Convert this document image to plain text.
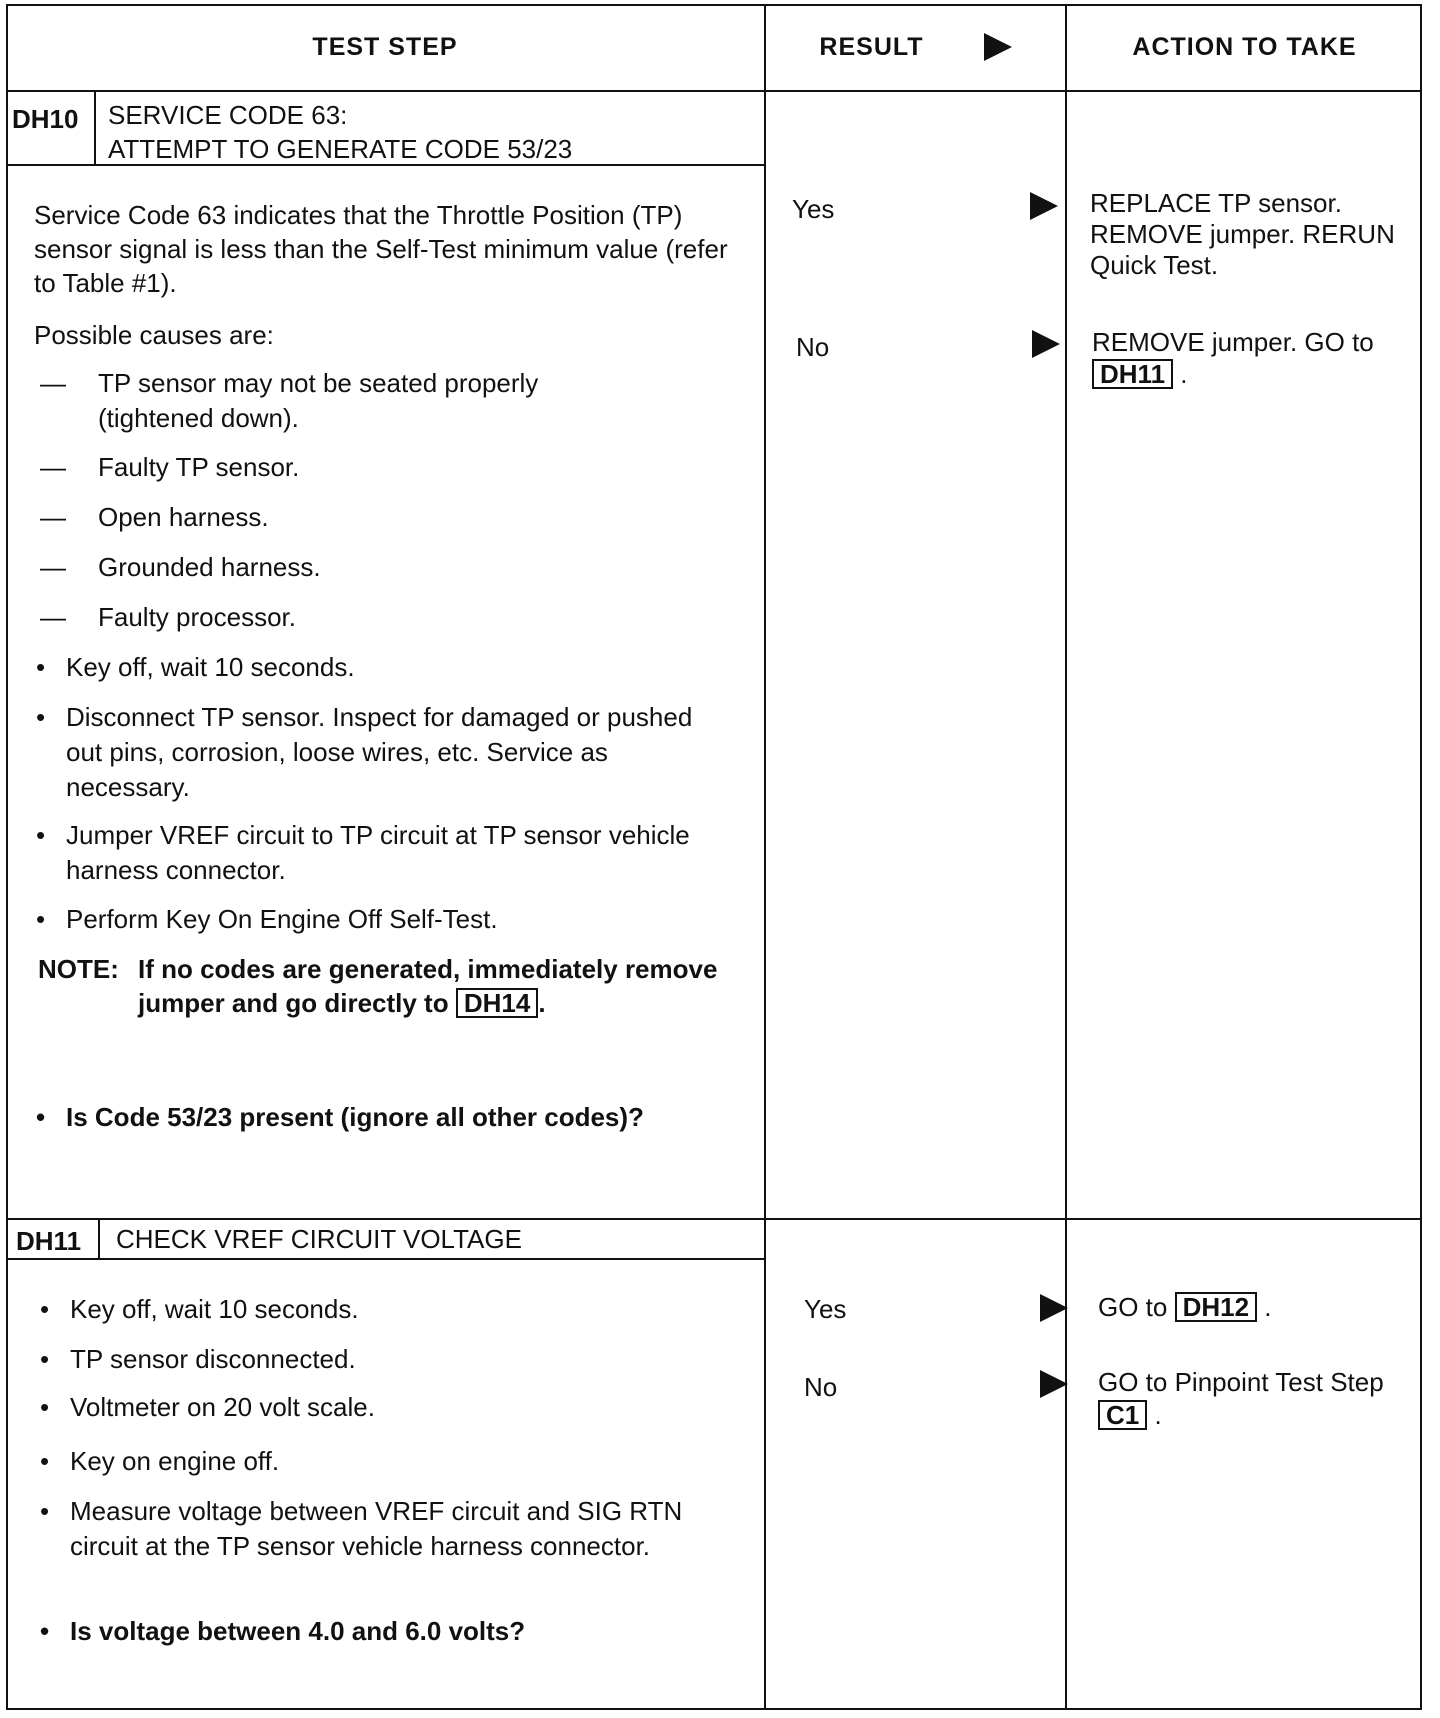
TEST STEP	RESULT	ACTION TO TAKE
DH10 SERVICE CODE 63:
ATTEMPT TO GENERATE CODE 53/23
Service Code 63 indicates that the Throttle Position (TP) sensor signal is less than the Self-Test minimum value (refer to Table #1).
Possible causes are:
—	TP sensor may not be seated properly (tightened down).
—	Faulty TP sensor.
—	Open harness.
—	Grounded harness.
—	Faulty processor.
• Key off, wait 10 seconds.
• Disconnect TP sensor. Inspect for damaged or pushed out pins, corrosion, loose wires, etc. Service as necessary.
• Jumper VREF circuit to TP circuit at TP sensor vehicle harness connector.
• Perform Key On Engine Off Self-Test.
NOTE: If no codes are generated, immediately remove jumper and go directly to DH14 .
• Is Code 53/23 present (ignore all other codes)?
Yes	REPLACE TP sensor. REMOVE jumper. RERUN Quick Test.
No	REMOVE jumper. GO to DH11 .
DH11 CHECK VREF CIRCUIT VOLTAGE
• Key off, wait 10 seconds.
• TP sensor disconnected.
• Voltmeter on 20 volt scale.
• Key on engine off.
• Measure voltage between VREF circuit and SIG RTN circuit at the TP sensor vehicle harness connector.
• Is voltage between 4.0 and 6.0 volts?
Yes	GO to DH12 .
No	GO to Pinpoint Test Step C1 .
